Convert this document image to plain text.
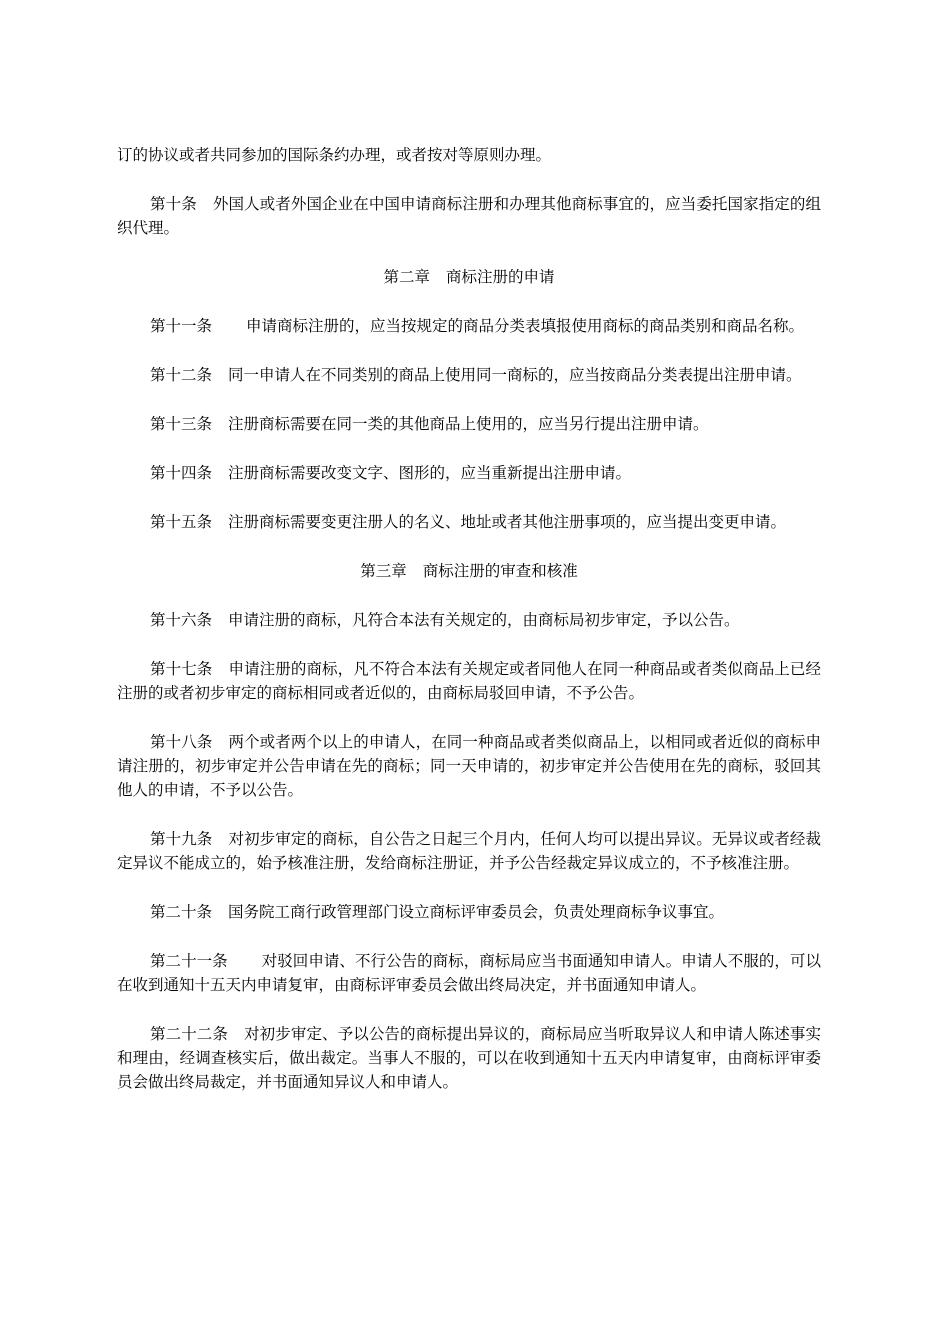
订的协议或者共同参加的国际条约办理，或者按对等原则办理。

第十条 外国人或者外国企业在中国申请商标注册和办理其他商标事宜的，应当委托国家指定的组织代理。

第二章 商标注册的申请

第十一条 申请商标注册的，应当按规定的商品分类表填报使用商标的商品类别和商品名称。

第十二条 同一申请人在不同类别的商品上使用同一商标的，应当按商品分类表提出注册申请。

第十三条 注册商标需要在同一类的其他商品上使用的，应当另行提出注册申请。

第十四条 注册商标需要改变文字、图形的，应当重新提出注册申请。

第十五条 注册商标需要变更注册人的名义、地址或者其他注册事项的，应当提出变更申请。

第三章 商标注册的审查和核准

第十六条 申请注册的商标，凡符合本法有关规定的，由商标局初步审定，予以公告。

第十七条 申请注册的商标，凡不符合本法有关规定或者同他人在同一种商品或者类似商品上已经注册的或者初步审定的商标相同或者近似的，由商标局驳回申请，不予公告。

第十八条 两个或者两个以上的申请人，在同一种商品或者类似商品上，以相同或者近似的商标申请注册的，初步审定并公告申请在先的商标；同一天申请的，初步审定并公告使用在先的商标，驳回其他人的申请，不予以公告。

第十九条 对初步审定的商标，自公告之日起三个月内，任何人均可以提出异议。无异议或者经裁定异议不能成立的，始予核准注册，发给商标注册证，并予公告经裁定异议成立的，不予核准注册。

第二十条 国务院工商行政管理部门设立商标评审委员会，负责处理商标争议事宜。

第二十一条 对驳回申请、不行公告的商标，商标局应当书面通知申请人。申请人不服的，可以在收到通知十五天内申请复审，由商标评审委员会做出终局决定，并书面通知申请人。

第二十二条 对初步审定、予以公告的商标提出异议的，商标局应当听取异议人和申请人陈述事实和理由，经调查核实后，做出裁定。当事人不服的，可以在收到通知十五天内申请复审，由商标评审委员会做出终局裁定，并书面通知异议人和申请人。
